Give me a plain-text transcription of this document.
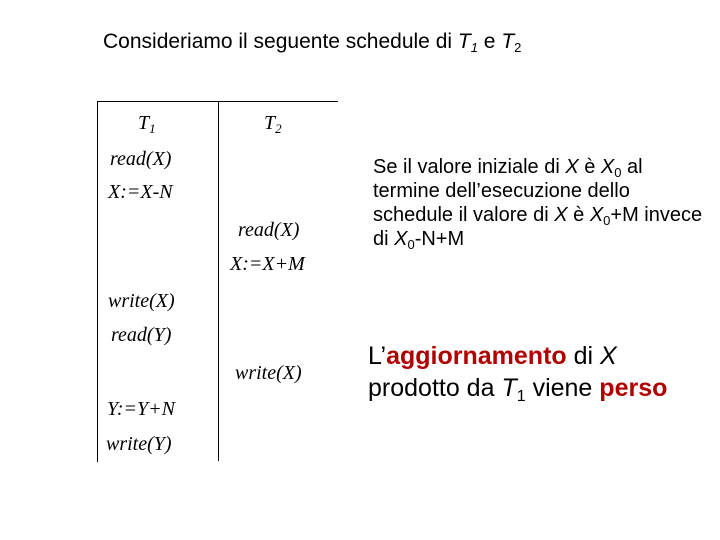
Consideriamo il seguente schedule di $T_1$ e $T_2$
$T_1$	$T_2$
read(X)
X:=X-N
read(X)
X:=X+M
write(X)
read(Y)
write(X)
Y:=Y+N
write(Y)
Se il valore iniziale di X è $X_0$ al termine dell’esecuzione dello schedule il valore di X è $X_0+M$ invece di $X_0-N+M$
L’aggiornamento di X
prodotto da $T_1$ viene perso
